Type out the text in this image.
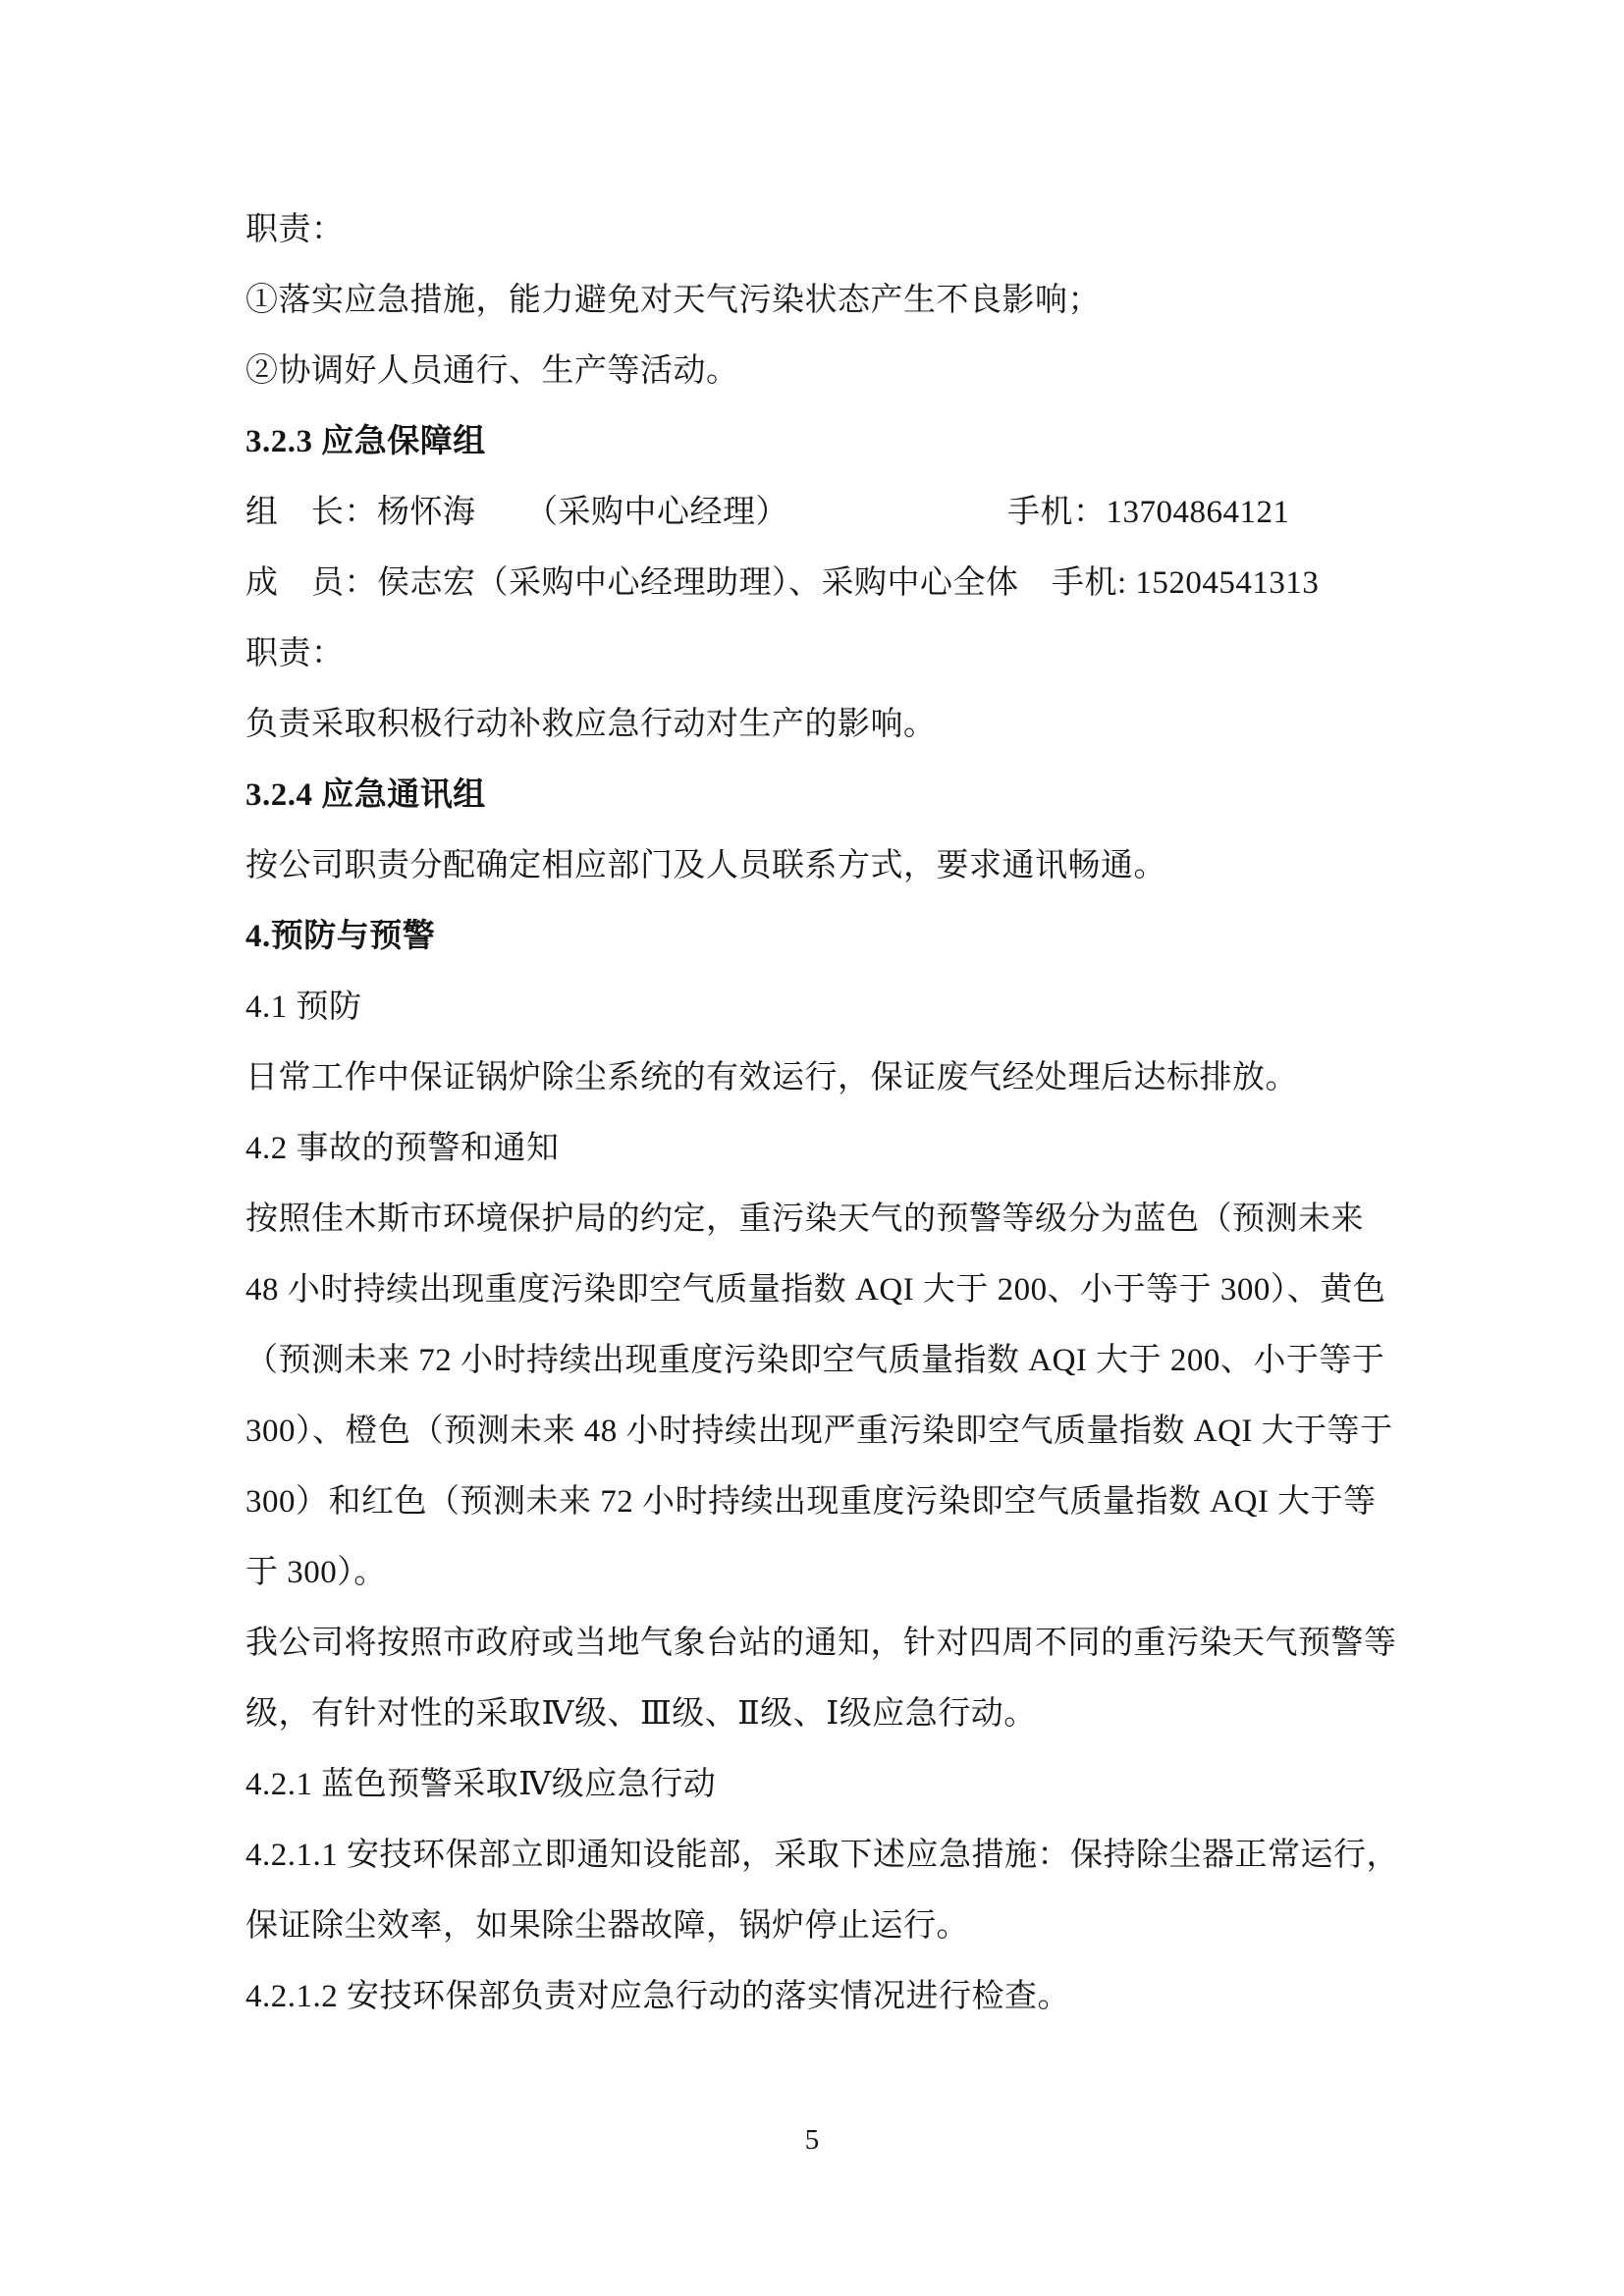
职责：
①落实应急措施，能力避免对天气污染状态产生不良影响；
②协调好人员通行、生产等活动。
3.2.3 应急保障组
组　长：杨怀海　　（采购中心经理）	手机：13704864121
成　员：侯志宏（采购中心经理助理）、采购中心全体　手机: 15204541313
职责：
负责采取积极行动补救应急行动对生产的影响。
3.2.4 应急通讯组
按公司职责分配确定相应部门及人员联系方式，要求通讯畅通。
4.预防与预警
4.1 预防
日常工作中保证锅炉除尘系统的有效运行，保证废气经处理后达标排放。
4.2 事故的预警和通知
按照佳木斯市环境保护局的约定，重污染天气的预警等级分为蓝色（预测未来
48 小时持续出现重度污染即空气质量指数 AQI 大于 200、小于等于 300）、黄色
（预测未来 72 小时持续出现重度污染即空气质量指数 AQI 大于 200、小于等于
300）、橙色（预测未来 48 小时持续出现严重污染即空气质量指数 AQI 大于等于
300）和红色（预测未来 72 小时持续出现重度污染即空气质量指数 AQI 大于等
于 300）。
我公司将按照市政府或当地气象台站的通知，针对四周不同的重污染天气预警等
级，有针对性的采取Ⅳ级、Ⅲ级、Ⅱ级、Ⅰ级应急行动。
4.2.1 蓝色预警采取Ⅳ级应急行动
4.2.1.1 安技环保部立即通知设能部，采取下述应急措施：保持除尘器正常运行，
保证除尘效率，如果除尘器故障，锅炉停止运行。
4.2.1.2 安技环保部负责对应急行动的落实情况进行检查。
5
